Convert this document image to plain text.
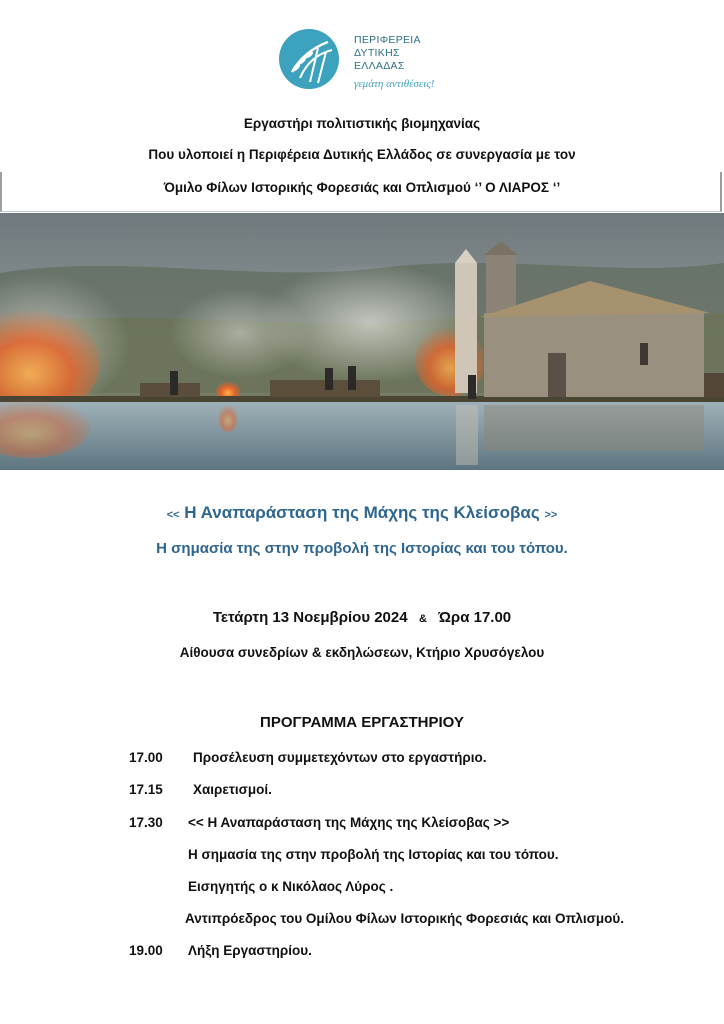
ΠΕΡΙΦΕΡΕΙΑ
ΔΥΤΙΚΗΣ
ΕΛΛΑΔΑΣ
γεμάτη αντιθέσεις!
Εργαστήρι πολιτιστικής βιομηχανίας
Που υλοποιεί η Περιφέρεια Δυτικής Ελλάδος σε συνεργασία με τον
Όμιλο Φίλων Ιστορικής Φορεσιάς και Οπλισμού ‘’ Ο ΛΙΑΡΟΣ ‘’
<< Η Αναπαράσταση της Μάχης της Κλείσοβας >>
Η σημασία της στην προβολή της Ιστορίας και του τόπου.
Τετάρτη 13 Νοεμβρίου 2024 & Ώρα 17.00
Αίθουσα συνεδρίων & εκδηλώσεων, Κτήριο Χρυσόγελου
ΠΡΟΓΡΑΜΜΑ ΕΡΓΑΣΤΗΡΙΟΥ
17.00 Προσέλευση συμμετεχόντων στο εργαστήριο.
17.15 Χαιρετισμοί.
17.30 << Η Αναπαράσταση της Μάχης της Κλείσοβας >>
Η σημασία της στην προβολή της Ιστορίας και του τόπου.
Εισηγητής ο κ Νικόλαος Λύρος .
Αντιπρόεδρος του Ομίλου Φίλων Ιστορικής Φορεσιάς και Οπλισμού.
19.00 Λήξη Εργαστηρίου.
